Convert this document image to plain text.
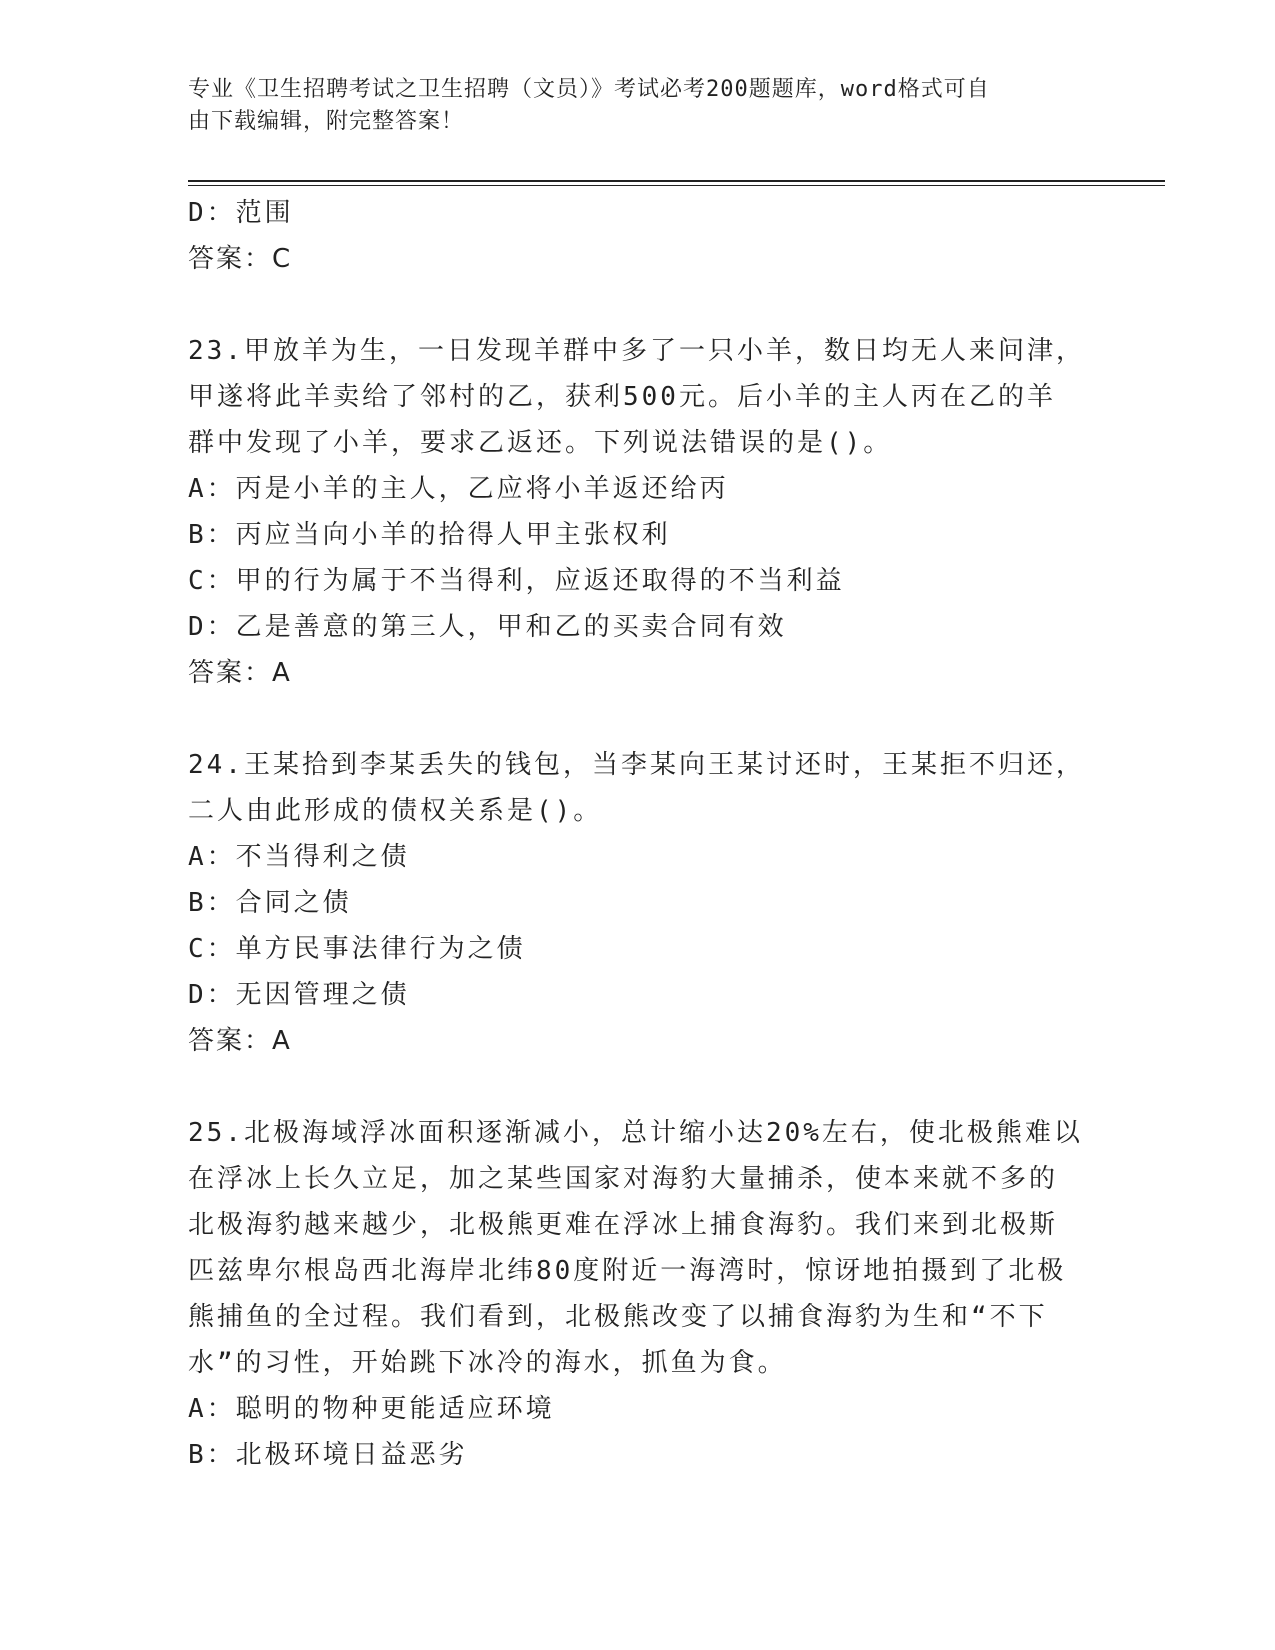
专业《卫生招聘考试之卫生招聘（文员）》考试必考200题题库，word格式可自
由下载编辑，附完整答案！

D：范围

答案：C

23.甲放羊为生，一日发现羊群中多了一只小羊，数日均无人来问津，

甲遂将此羊卖给了邻村的乙，获利500元。后小羊的主人丙在乙的羊

群中发现了小羊，要求乙返还。下列说法错误的是()。

A：丙是小羊的主人，乙应将小羊返还给丙

B：丙应当向小羊的拾得人甲主张权利

C：甲的行为属于不当得利，应返还取得的不当利益

D：乙是善意的第三人，甲和乙的买卖合同有效

答案：A

24.王某拾到李某丢失的钱包，当李某向王某讨还时，王某拒不归还，

二人由此形成的债权关系是()。

A：不当得利之债

B：合同之债

C：单方民事法律行为之债

D：无因管理之债

答案：A

25.北极海域浮冰面积逐渐减小，总计缩小达20%左右，使北极熊难以

在浮冰上长久立足，加之某些国家对海豹大量捕杀，使本来就不多的

北极海豹越来越少，北极熊更难在浮冰上捕食海豹。我们来到北极斯

匹兹卑尔根岛西北海岸北纬80度附近一海湾时，惊讶地拍摄到了北极

熊捕鱼的全过程。我们看到，北极熊改变了以捕食海豹为生和“不下

水”的习性，开始跳下冰冷的海水，抓鱼为食。

A：聪明的物种更能适应环境

B：北极环境日益恶劣
